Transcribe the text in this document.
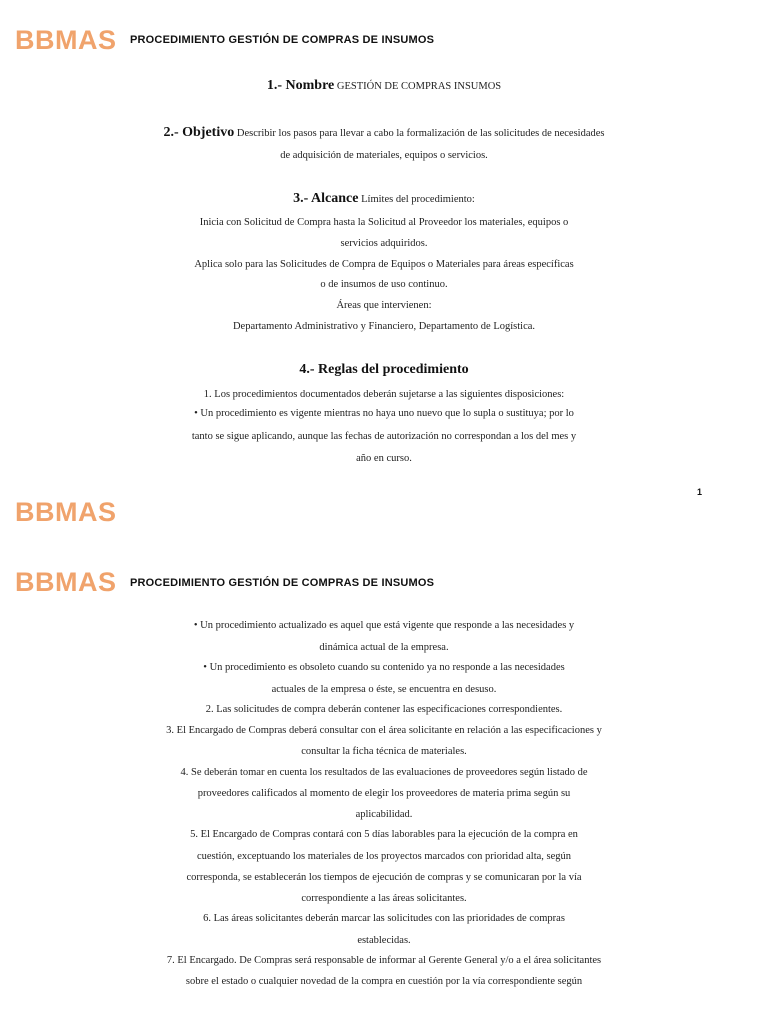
BBMAS PROCEDIMIENTO GESTIÓN DE COMPRAS DE INSUMOS
1.- Nombre GESTIÓN DE COMPRAS INSUMOS
2.- Objetivo Describir los pasos para llevar a cabo la formalización de las solicitudes de necesidades
de adquisición de materiales, equipos o servicios.
3.- Alcance Límites del procedimiento:
Inicia con Solicitud de Compra hasta la Solicitud al Proveedor los materiales, equipos o
servicios adquiridos.
Aplica solo para las Solicitudes de Compra de Equipos o Materiales para áreas específicas
o de insumos de uso continuo.
Áreas que intervienen:
Departamento Administrativo y Financiero, Departamento de Logística.
4.- Reglas del procedimiento
1. Los procedimientos documentados deberán sujetarse a las siguientes disposiciones:
• Un procedimiento es vigente mientras no haya uno nuevo que lo supla o sustituya; por lo
tanto se sigue aplicando, aunque las fechas de autorización no correspondan a los del mes y
año en curso.
1
BBMAS
BBMAS PROCEDIMIENTO GESTIÓN DE COMPRAS DE INSUMOS
• Un procedimiento actualizado es aquel que está vigente que responde a las necesidades y
dinámica actual de la empresa.
• Un procedimiento es obsoleto cuando su contenido ya no responde a las necesidades
actuales de la empresa o éste, se encuentra en desuso.
2. Las solicitudes de compra deberán contener las especificaciones correspondientes.
3. El Encargado de Compras deberá consultar con el área solicitante en relación a las especificaciones y
consultar la ficha técnica de materiales.
4. Se deberán tomar en cuenta los resultados de las evaluaciones de proveedores según listado de
proveedores calificados al momento de elegir los proveedores de materia prima según su
aplicabilidad.
5. El Encargado de Compras contará con 5 días laborables para la ejecución de la compra en
cuestión, exceptuando los materiales de los proyectos marcados con prioridad alta, según
corresponda, se establecerán los tiempos de ejecución de compras y se comunicaran por la vía
correspondiente a las áreas solicitantes.
6. Las áreas solicitantes deberán marcar las solicitudes con las prioridades de compras
establecidas.
7. El Encargado. De Compras será responsable de informar al Gerente General y/o a el área solicitantes
sobre el estado o cualquier novedad de la compra en cuestión por la vía correspondiente según
